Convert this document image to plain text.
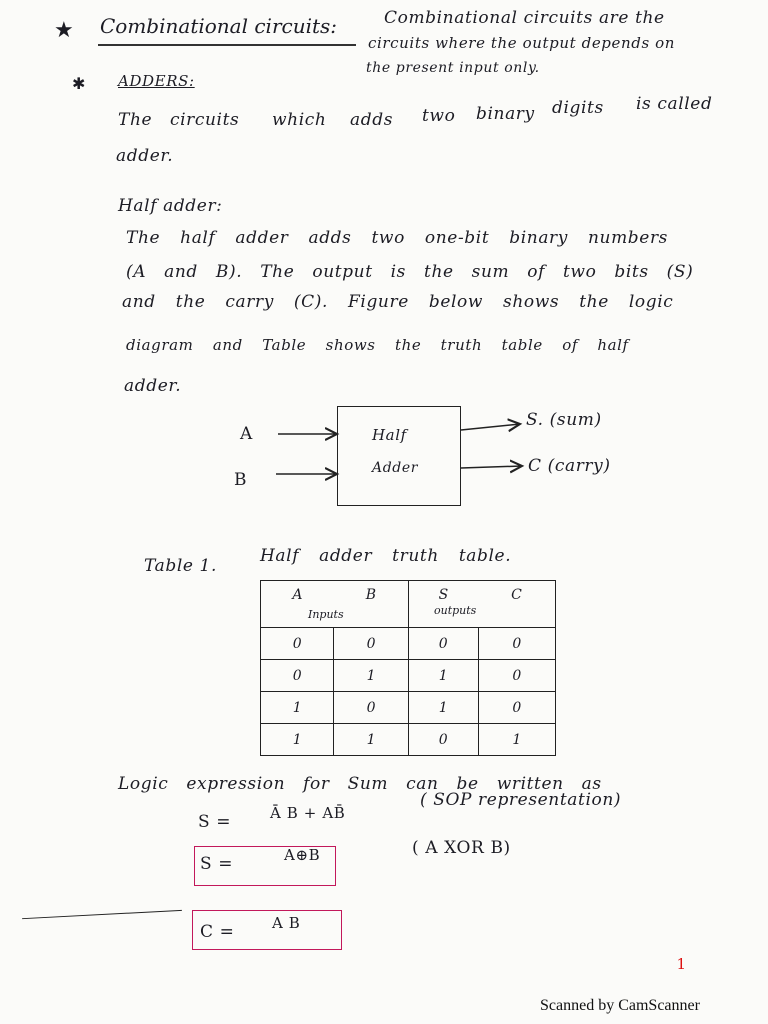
★ Combinational circuits:	Combinational circuits are the
circuits where the output depends on
the present input only.
✱ ADDERS:
The circuits which adds two binary digits is called
adder.
Half adder:
The half adder adds two one-bit binary numbers
(A and B). The output is the sum of two bits (S)
and the carry (C). Figure below shows the logic
diagram and Table shows the truth table of half
adder.
A
B
Half
Adder
S. (sum)
C (carry)
Table 1.	Half adder truth table.
A	B	S	C
0	0	0	0
0	1	1	0
1	0	1	0
1	1	0	1
Inputs	outputs
Logic expression for Sum can be written as
S =	Ā B + AB̄
( SOP representation)
S =	A⊕B	( A XOR B)
C =	A B
1
Scanned by CamScanner
